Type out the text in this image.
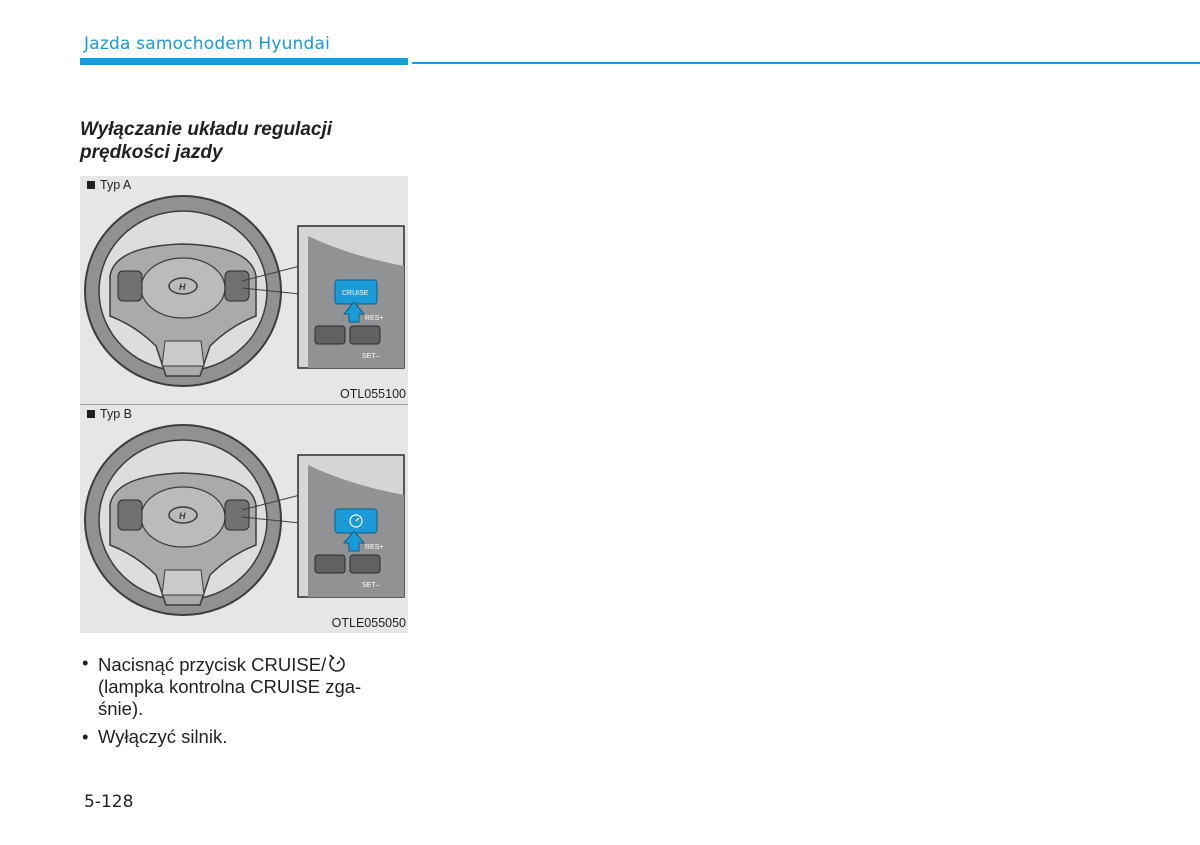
Jazda samochodem Hyundai
Wyłączanie układu regulacji
prędkości jazdy
H
CRUISE
RES+
SET–
Typ A
OTL055100
H
RES+
SET–
Typ B
OTLE055050
• Nacisnąć przycisk CRUISE/
(lampka kontrolna CRUISE zga-
śnie).
• Wyłączyć silnik.
5-128
